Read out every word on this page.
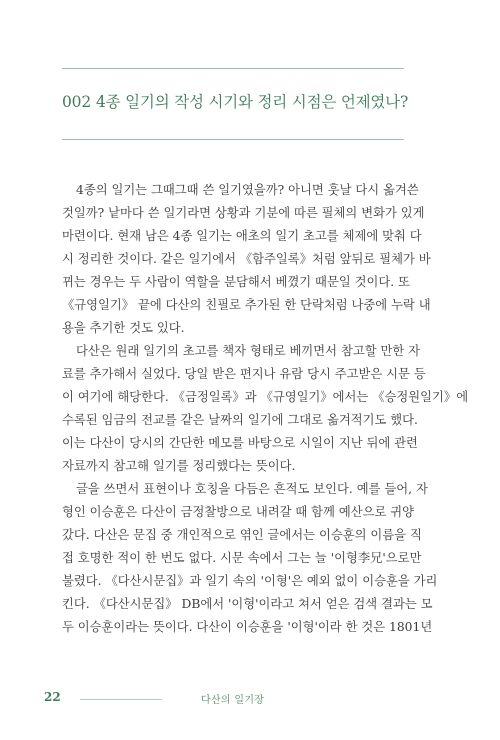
002 4종 일기의 작성 시기와 정리 시점은 언제였나?
4종의 일기는 그때그때 쓴 일기였을까? 아니면 훗날 다시 옮겨쓴
것일까? 낱마다 쓴 일기라면 상황과 기분에 따른 필체의 변화가 있게
마련이다. 현재 남은 4종 일기는 애초의 일기 초고를 체제에 맞춰 다
시 정리한 것이다. 같은 일기에서 《함주일록》처럼 앞뒤로 필체가 바
뀌는 경우는 두 사람이 역할을 분담해서 베꼈기 때문일 것이다. 또
《규영일기》 끝에 다산의 친필로 추가된 한 단락처럼 나중에 누락 내
용을 추기한 것도 있다.
다산은 원래 일기의 초고를 책자 형태로 베끼면서 참고할 만한 자
료를 추가해서 실었다. 당일 받은 편지나 유람 당시 주고받은 시문 등
이 여기에 해당한다. 《금정일록》과 《규영일기》에서는 《승정원일기》에
수록된 임금의 전교를 같은 날짜의 일기에 그대로 옮겨적기도 했다.
이는 다산이 당시의 간단한 메모를 바탕으로 시일이 지난 뒤에 관련
자료까지 참고해 일기를 정리했다는 뜻이다.
글을 쓰면서 표현이나 호칭을 다듬은 흔적도 보인다. 예를 들어, 자
형인 이승훈은 다산이 금정찰방으로 내려갈 때 함께 예산으로 귀양
갔다. 다산은 문집 중 개인적으로 엮인 글에서는 이승훈의 이름을 직
접 호명한 적이 한 번도 없다. 시문 속에서 그는 늘 '이형李兄'으로만
불렸다. 《다산시문집》과 일기 속의 '이형'은 예외 없이 이승훈을 가리
킨다. 《다산시문집》 DB에서 '이형'이라고 쳐서 얻은 검색 결과는 모
두 이승훈이라는 뜻이다. 다산이 이승훈을 '이형'이라 한 것은 1801년
22	다산의 일기장
